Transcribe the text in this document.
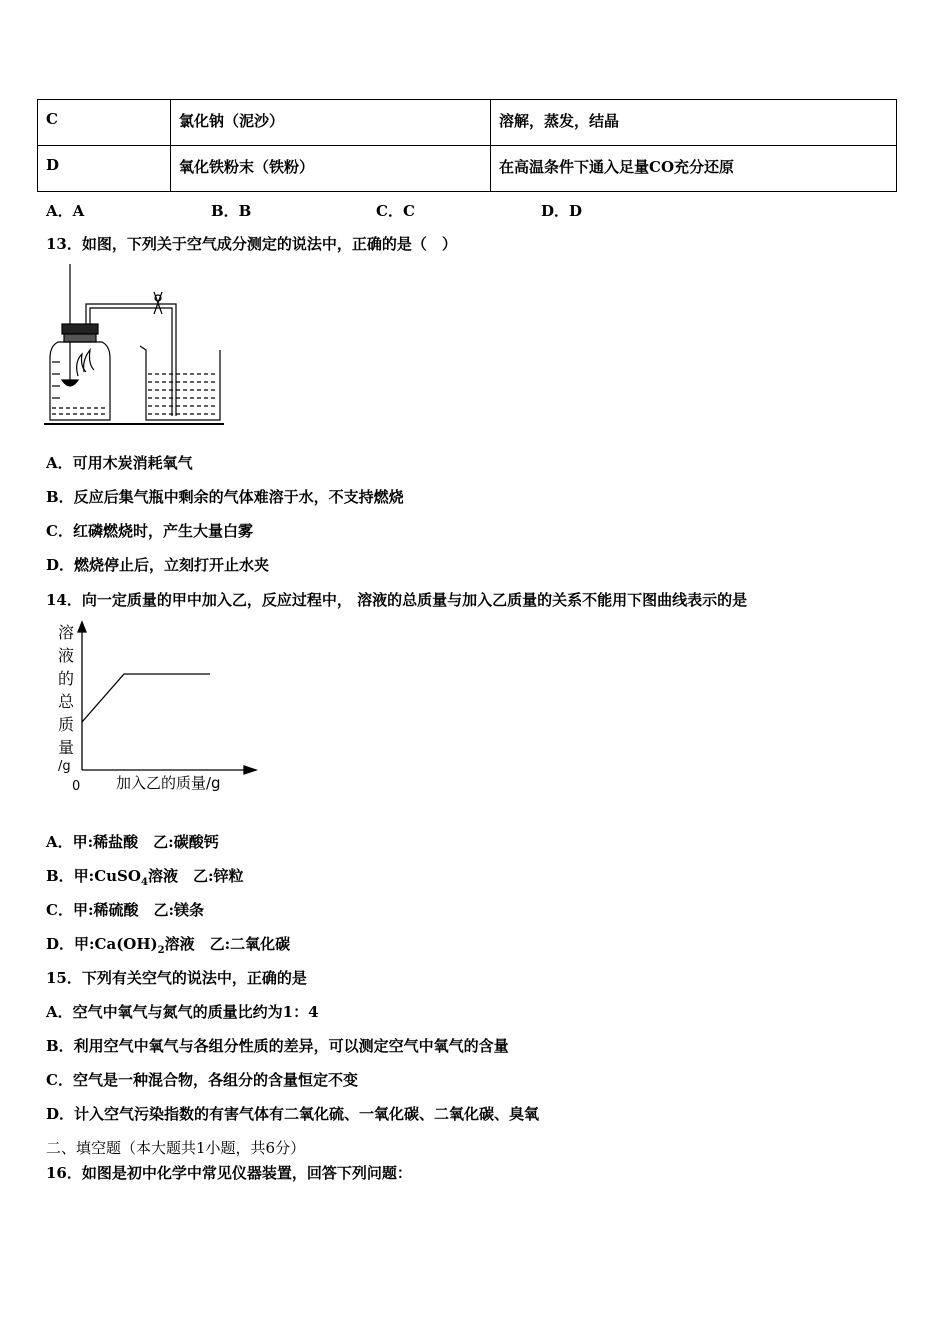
C	氯化钠（泥沙）	溶解，蒸发，结晶
D	氧化铁粉末（铁粉）	在高温条件下通入足量CO充分还原
A．A	B．B	C．C	D．D
13．如图，下列关于空气成分测定的说法中，正确的是（　）
A．可用木炭消耗氧气
B．反应后集气瓶中剩余的气体难溶于水，不支持燃烧
C．红磷燃烧时，产生大量白雾
D．燃烧停止后，立刻打开止水夹
14．向一定质量的甲中加入乙，反应过程中， 溶液的总质量与加入乙质量的关系不能用下图曲线表示的是
溶
液
的
总
质
量
/g
0 加入乙的质量/g
A．甲:稀盐酸　乙:碳酸钙
B．甲:CuSO$_4$溶液　乙:锌粒
C．甲:稀硫酸　乙:镁条
D．甲$:Ca(OH)_2$溶液　乙:二氧化碳
15．下列有关空气的说法中，正确的是
A．空气中氧气与氮气的质量比约为1：4
B．利用空气中氧气与各组分性质的差异，可以测定空气中氧气的含量
C．空气是一种混合物，各组分的含量恒定不变
D．计入空气污染指数的有害气体有二氧化硫、一氧化碳、二氧化碳、臭氧
二、填空题（本大题共1小题，共6分）
16．如图是初中化学中常见仪器装置，回答下列问题：
